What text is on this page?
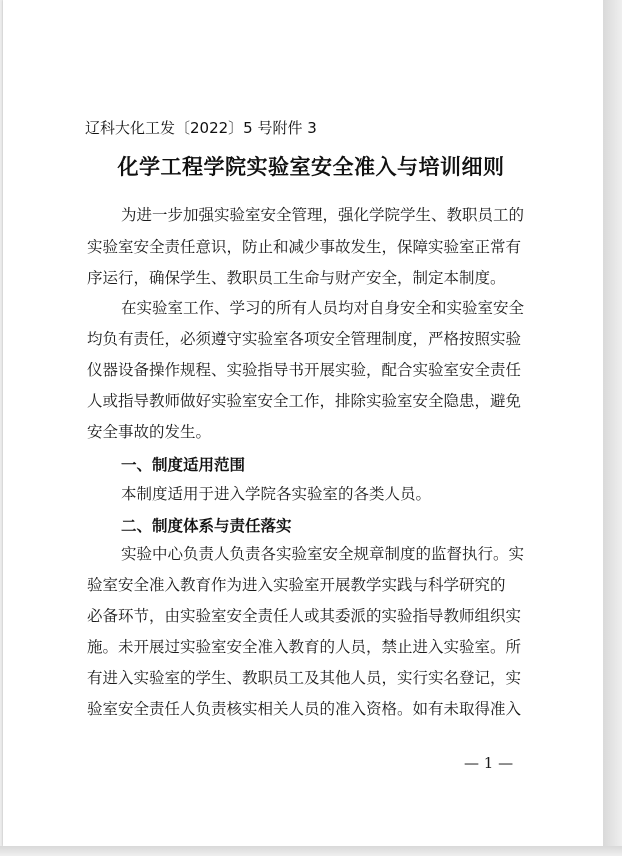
辽科大化工发〔2022〕5 号附件 3
化学工程学院实验室安全准入与培训细则
为进一步加强实验室安全管理，强化学院学生、教职员工的
实验室安全责任意识，防止和减少事故发生，保障实验室正常有
序运行，确保学生、教职员工生命与财产安全，制定本制度。
在实验室工作、学习的所有人员均对自身安全和实验室安全
均负有责任，必须遵守实验室各项安全管理制度，严格按照实验
仪器设备操作规程、实验指导书开展实验，配合实验室安全责任
人或指导教师做好实验室安全工作，排除实验室安全隐患，避免
安全事故的发生。
一、制度适用范围
本制度适用于进入学院各实验室的各类人员。
二、制度体系与责任落实
实验中心负责人负责各实验室安全规章制度的监督执行。实
验室安全准入教育作为进入实验室开展教学实践与科学研究的
必备环节，由实验室安全责任人或其委派的实验指导教师组织实
施。未开展过实验室安全准入教育的人员，禁止进入实验室。所
有进入实验室的学生、教职员工及其他人员，实行实名登记，实
验室安全责任人负责核实相关人员的准入资格。如有未取得准入
— 1 —
